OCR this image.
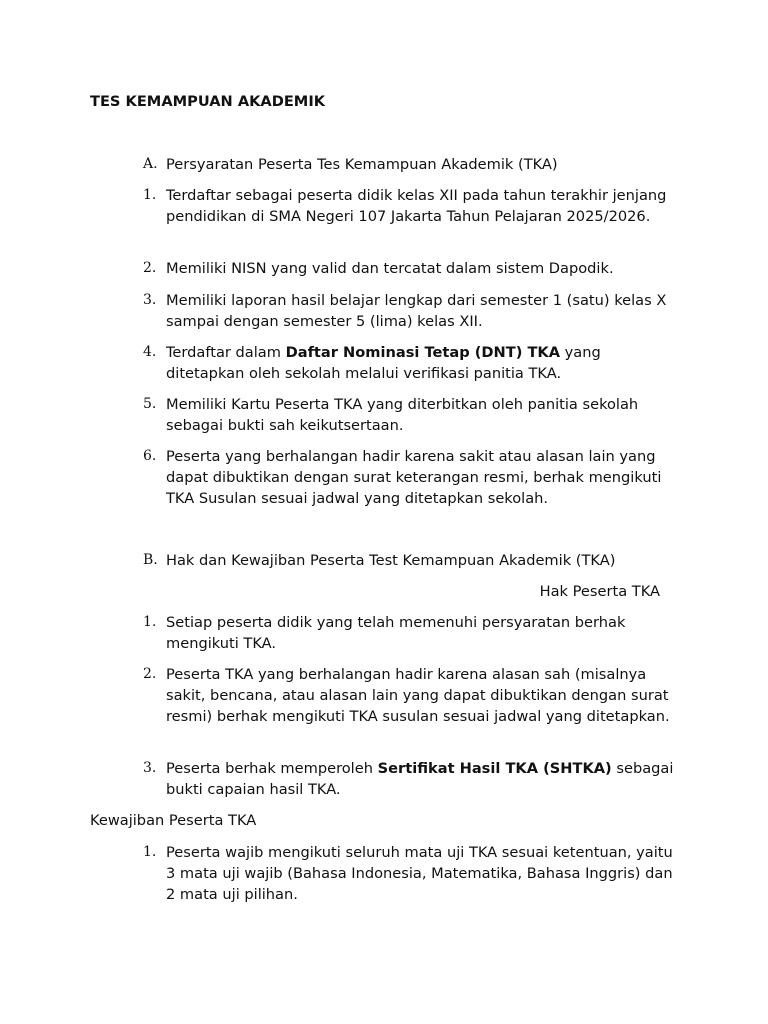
TES KEMAMPUAN AKADEMIK
A. Persyaratan Peserta Tes Kemampuan Akademik (TKA)
1. Terdaftar sebagai peserta didik kelas XII pada tahun terakhir jenjang pendidikan di SMA Negeri 107 Jakarta Tahun Pelajaran 2025/2026.
2. Memiliki NISN yang valid dan tercatat dalam sistem Dapodik.
3. Memiliki laporan hasil belajar lengkap dari semester 1 (satu) kelas X sampai dengan semester 5 (lima) kelas XII.
4. Terdaftar dalam Daftar Nominasi Tetap (DNT) TKA yang ditetapkan oleh sekolah melalui verifikasi panitia TKA.
5. Memiliki Kartu Peserta TKA yang diterbitkan oleh panitia sekolah sebagai bukti sah keikutsertaan.
6. Peserta yang berhalangan hadir karena sakit atau alasan lain yang dapat dibuktikan dengan surat keterangan resmi, berhak mengikuti TKA Susulan sesuai jadwal yang ditetapkan sekolah.
B. Hak dan Kewajiban Peserta Test Kemampuan Akademik (TKA)
Hak Peserta TKA
1. Setiap peserta didik yang telah memenuhi persyaratan berhak mengikuti TKA.
2. Peserta TKA yang berhalangan hadir karena alasan sah (misalnya sakit, bencana, atau alasan lain yang dapat dibuktikan dengan surat resmi) berhak mengikuti TKA susulan sesuai jadwal yang ditetapkan.
3. Peserta berhak memperoleh Sertifikat Hasil TKA (SHTKA) sebagai bukti capaian hasil TKA.
Kewajiban Peserta TKA
1. Peserta wajib mengikuti seluruh mata uji TKA sesuai ketentuan, yaitu 3 mata uji wajib (Bahasa Indonesia, Matematika, Bahasa Inggris) dan 2 mata uji pilihan.
